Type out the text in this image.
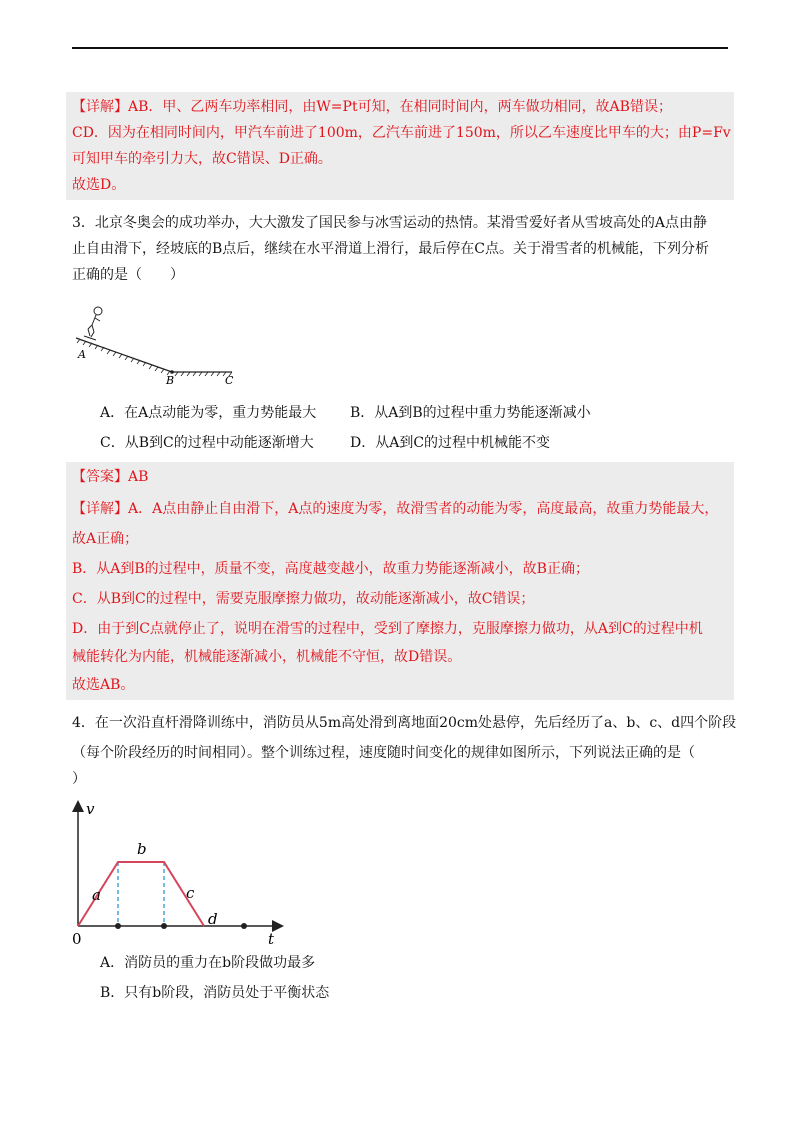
【详解】AB．甲、乙两车功率相同，由W=Pt可知，在相同时间内，两车做功相同，故AB错误；
CD．因为在相同时间内，甲汽车前进了100m，乙汽车前进了150m，所以乙车速度比甲车的大；由P=Fv
可知甲车的牵引力大，故C错误、D正确。
故选D。
3．北京冬奥会的成功举办，大大激发了国民参与冰雪运动的热情。某滑雪爱好者从雪坡高处的A点由静
止自由滑下，经坡底的B点后，继续在水平滑道上滑行，最后停在C点。关于滑雪者的机械能，下列分析
正确的是（　　）
A
B	C
A．在A点动能为零，重力势能最大	B．从A到B的过程中重力势能逐渐减小
C．从B到C的过程中动能逐渐增大	D．从A到C的过程中机械能不变
【答案】AB
【详解】A．A点由静止自由滑下，A点的速度为零，故滑雪者的动能为零，高度最高，故重力势能最大，
故A正确；
B．从A到B的过程中，质量不变，高度越变越小，故重力势能逐渐减小，故B正确；
C．从B到C的过程中，需要克服摩擦力做功，故动能逐渐减小，故C错误；
D．由于到C点就停止了，说明在滑雪的过程中，受到了摩擦力，克服摩擦力做功，从A到C的过程中机
械能转化为内能，机械能逐渐减小，机械能不守恒，故D错误。
故选AB。
4．在一次沿直杆滑降训练中，消防员从5m高处滑到离地面20cm处悬停，先后经历了a、b、c、d四个阶段
（每个阶段经历的时间相同）。整个训练过程，速度随时间变化的规律如图所示，下列说法正确的是（
）
v
t
0
a
b
c
d
A．消防员的重力在b阶段做功最多
B．只有b阶段，消防员处于平衡状态
